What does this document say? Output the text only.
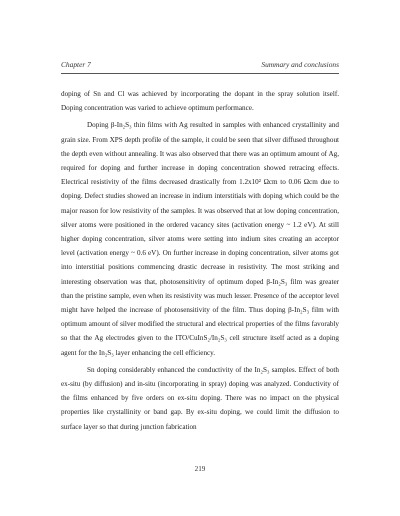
Chapter 7	Summary and conclusions

doping of Sn and Cl was achieved by incorporating the dopant in the spray solution itself. Doping concentration was varied to achieve optimum performance.

Doping β-In₂S₃ thin films with Ag resulted in samples with enhanced crystallinity and grain size. From XPS depth profile of the sample, it could be seen that silver diffused throughout the depth even without annealing. It was also observed that there was an optimum amount of Ag, required for doping and further increase in doping concentration showed retracing effects. Electrical resistivity of the films decreased drastically from 1.2x10² Ωcm to 0.06 Ωcm due to doping. Defect studies showed an increase in indium interstitials with doping which could be the major reason for low resistivity of the samples. It was observed that at low doping concentration, silver atoms were positioned in the ordered vacancy sites (activation energy ~ 1.2 eV). At still higher doping concentration, silver atoms were setting into indium sites creating an acceptor level (activation energy ~ 0.6 eV). On further increase in doping concentration, silver atoms got into interstitial positions commencing drastic decrease in resistivity. The most striking and interesting observation was that, photosensitivity of optimum doped β-In₂S₃ film was greater than the pristine sample, even when its resistivity was much lesser. Presence of the acceptor level might have helped the increase of photosensitivity of the film. Thus doping β-In₂S₃ film with optimum amount of silver modified the structural and electrical properties of the films favorably so that the Ag electrodes given to the ITO/CuInS₂/In₂S₃ cell structure itself acted as a doping agent for the In₂S₃ layer enhancing the cell efficiency.

Sn doping considerably enhanced the conductivity of the In₂S₃ samples. Effect of both ex-situ (by diffusion) and in-situ (incorporating in spray) doping was analyzed. Conductivity of the films enhanced by five orders on ex-situ doping. There was no impact on the physical properties like crystallinity or band gap. By ex-situ doping, we could limit the diffusion to surface layer so that during junction fabrication

219
